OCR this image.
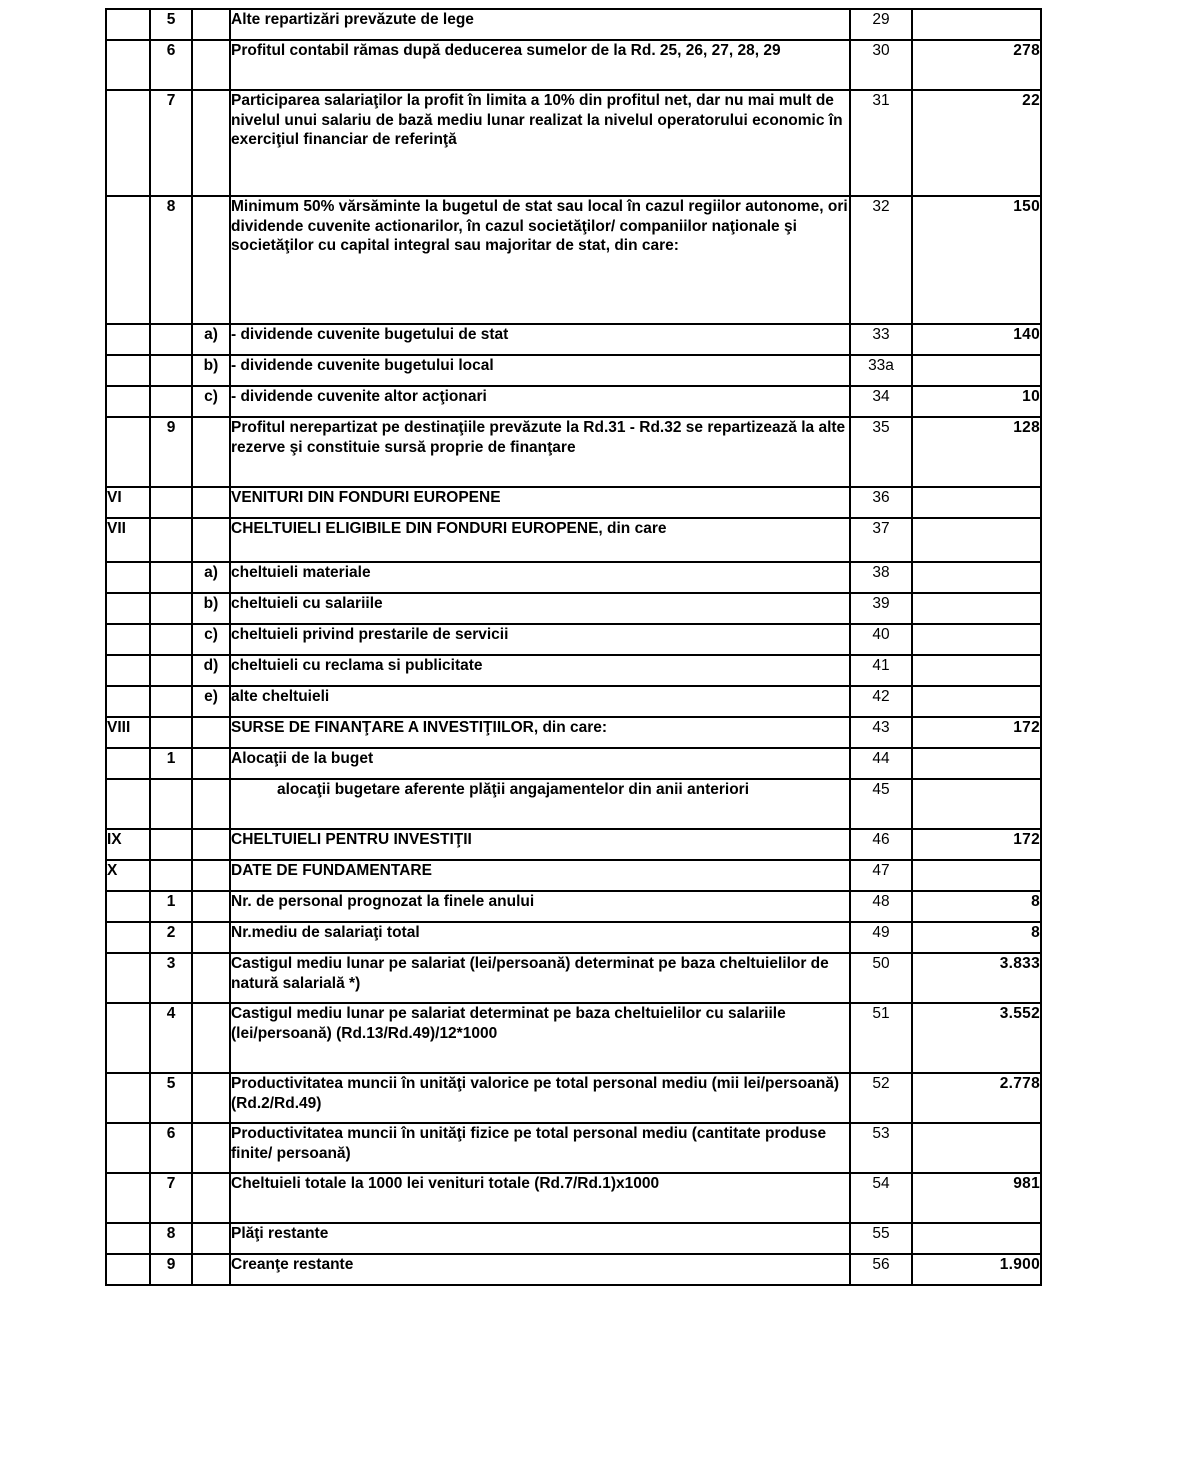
	5		Alte repartizări prevăzute de lege	29	
	6		Profitul contabil rămas după deducerea sumelor de la Rd. 25, 26, 27, 28, 29	30	278
	7		Participarea salariaţilor la profit în limita a 10% din profitul net, dar nu mai mult de nivelul unui salariu de bază mediu lunar realizat la nivelul operatorului economic în exerciţiul financiar de referinţă	31	22
	8		Minimum 50% vărsăminte la bugetul de stat sau local în cazul regiilor autonome, ori dividende cuvenite actionarilor, în cazul societăţilor/ companiilor naţionale şi societăţilor cu capital integral sau majoritar de stat, din care:	32	150
		a)	- dividende cuvenite bugetului de stat	33	140
		b)	- dividende cuvenite bugetului local	33a	
		c)	- dividende cuvenite altor acţionari	34	10
	9		Profitul nerepartizat pe destinaţiile prevăzute la Rd.31 - Rd.32 se repartizează la alte rezerve şi constituie sursă proprie de finanţare	35	128
VI			VENITURI DIN FONDURI EUROPENE	36	
VII			CHELTUIELI ELIGIBILE DIN FONDURI EUROPENE, din care	37	
		a)	cheltuieli materiale	38	
		b)	cheltuieli cu salariile	39	
		c)	cheltuieli privind prestarile de servicii	40	
		d)	cheltuieli cu reclama si publicitate	41	
		e)	alte cheltuieli	42	
VIII			SURSE DE FINANŢARE A INVESTIŢIILOR, din care:	43	172
	1		Alocaţii de la buget	44	
			alocaţii bugetare aferente plăţii angajamentelor din anii anteriori	45	
IX			CHELTUIELI PENTRU INVESTIŢII	46	172
X			DATE DE FUNDAMENTARE	47	
	1		Nr. de personal prognozat la finele anului	48	8
	2		Nr.mediu de salariaţi total	49	8
	3		Castigul mediu lunar pe salariat (lei/persoană) determinat pe baza cheltuielilor de natură salarială *)	50	3.833
	4		Castigul mediu lunar pe salariat determinat pe baza cheltuielilor cu salariile (lei/persoană) (Rd.13/Rd.49)/12*1000	51	3.552
	5		Productivitatea muncii în unităţi valorice pe total personal mediu (mii lei/persoană) (Rd.2/Rd.49)	52	2.778
	6		Productivitatea muncii în unităţi fizice pe total personal mediu (cantitate produse finite/ persoană)	53	
	7		Cheltuieli totale la 1000 lei venituri totale (Rd.7/Rd.1)x1000	54	981
	8		Plăţi restante	55	
	9		Creanţe restante	56	1.900
